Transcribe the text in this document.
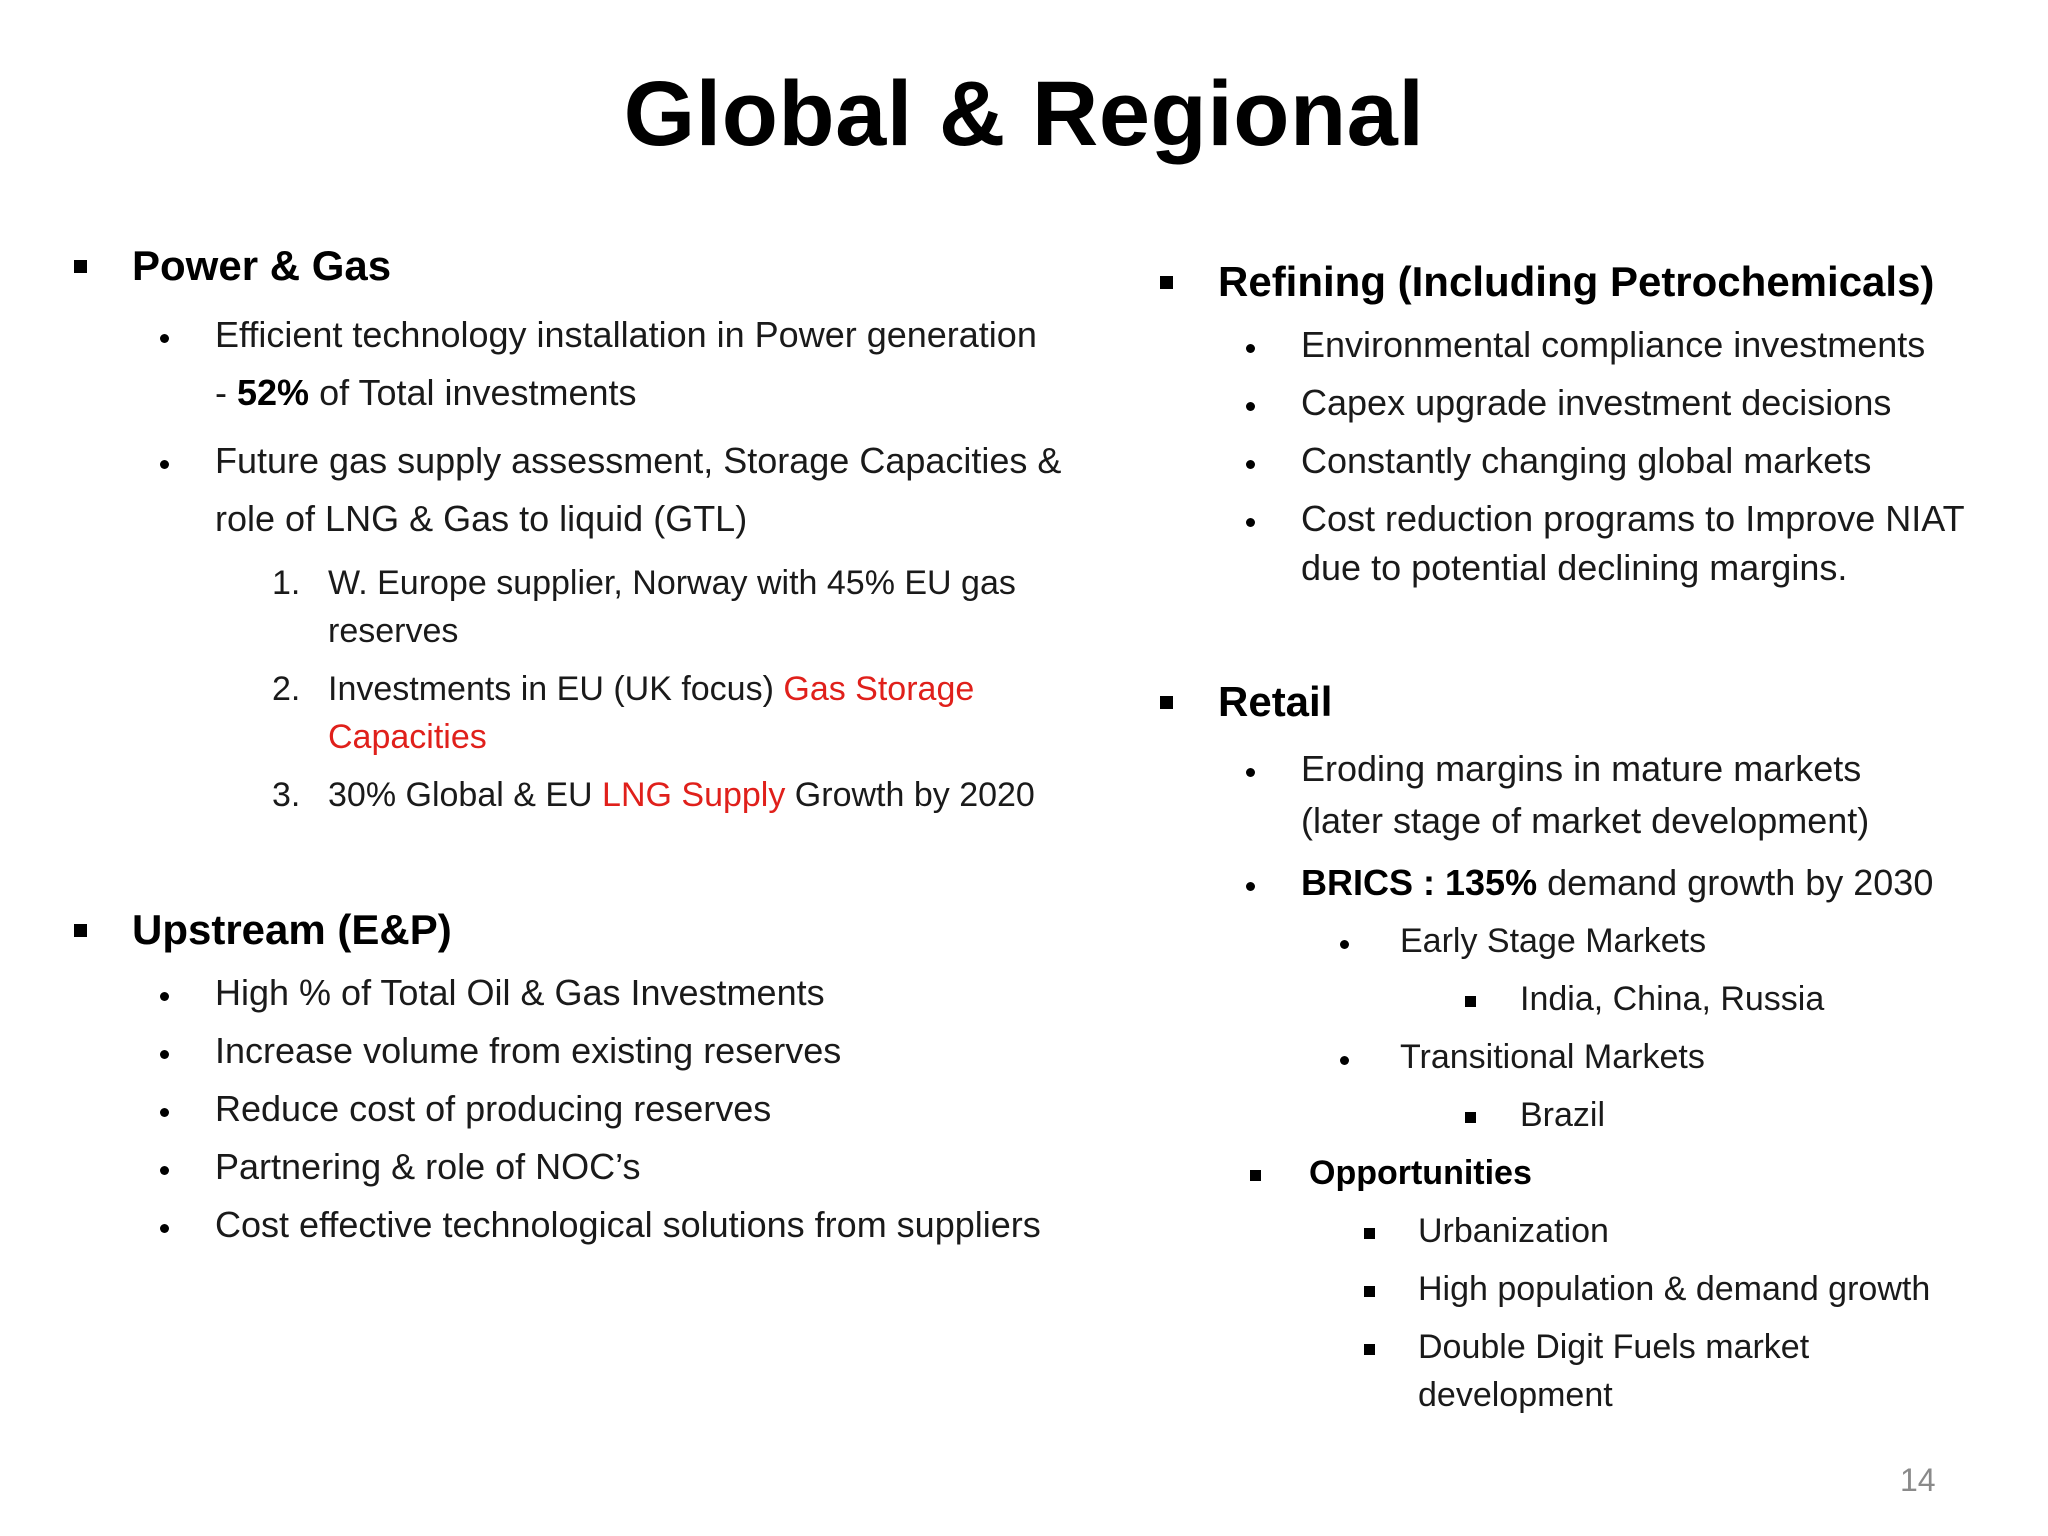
Global & Regional
Power & Gas
Efficient technology installation in Power generation
- 52% of Total investments
Future gas supply assessment, Storage Capacities &
role of LNG & Gas to liquid (GTL)
1. W. Europe supplier, Norway with 45% EU gas
reserves
2. Investments in EU (UK focus) Gas Storage
Capacities
3. 30% Global & EU LNG Supply Growth by 2020
Upstream (E&P)
High % of Total Oil & Gas Investments
Increase volume from existing reserves
Reduce cost of producing reserves
Partnering & role of NOC’s
Cost effective technological solutions from suppliers
Refining (Including Petrochemicals)
Environmental compliance investments
Capex upgrade investment decisions
Constantly changing global markets
Cost reduction programs to Improve NIAT
due to potential declining margins.
Retail
Eroding margins in mature markets
(later stage of market development)
BRICS : 135% demand growth by 2030
Early Stage Markets
India, China, Russia
Transitional Markets
Brazil
Opportunities
Urbanization
High population & demand growth
Double Digit Fuels market
development
14
